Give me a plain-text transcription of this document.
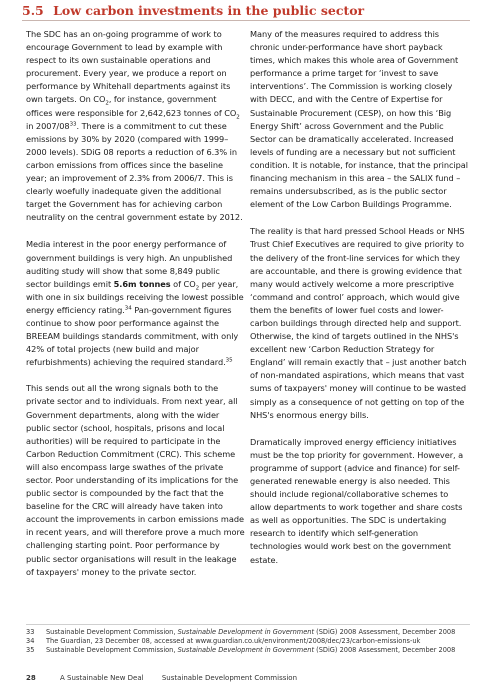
5.5 Low carbon investments in the public sector

The SDC has an on-going programme of work to encourage Government to lead by example with respect to its own sustainable operations and procurement. Every year, we produce a report on performance by Whitehall departments against its own targets. On $CO_2$, for instance, government offices were responsible for 2,642,623 tonnes of $CO_2$ in $2007/08^{33}$. There is a commitment to cut these emissions by 30% by 2020 (compared with 1999–2000 levels). SDiG 08 reports a reduction of 6.3% in carbon emissions from offices since the baseline year; an improvement of 2.3% from 2006/7. This is clearly woefully inadequate given the additional target the Government has for achieving carbon neutrality on the central government estate by 2012.

Media interest in the poor energy performance of government buildings is very high. An unpublished auditing study will show that some 8,849 public sector buildings emit 5.6m tonnes of $CO_2$ per year, with one in six buildings receiving the lowest possible energy efficiency rating.$^{34}$ Pan-government figures continue to show poor performance against the BREEAM buildings standards commitment, with only 42% of total projects (new build and major refurbishments) achieving the required standard.$^{35}$

This sends out all the wrong signals both to the private sector and to individuals. From next year, all Government departments, along with the wider public sector (school, hospitals, prisons and local authorities) will be required to participate in the Carbon Reduction Commitment (CRC). This scheme will also encompass large swathes of the private sector. Poor understanding of its implications for the public sector is compounded by the fact that the baseline for the CRC will already have taken into account the improvements in carbon emissions made in recent years, and will therefore prove a much more challenging starting point. Poor performance by public sector organisations will result in the leakage of taxpayers' money to the private sector.

Many of the measures required to address this chronic under-performance have short payback times, which makes this whole area of Government performance a prime target for ‘invest to save interventions’. The Commission is working closely with DECC, and with the Centre of Expertise for Sustainable Procurement (CESP), on how this ‘Big Energy Shift’ across Government and the Public Sector can be dramatically accelerated. Increased levels of funding are a necessary but not sufficient condition. It is notable, for instance, that the principal financing mechanism in this area – the SALIX fund – remains undersubscribed, as is the public sector element of the Low Carbon Buildings Programme.

The reality is that hard pressed School Heads or NHS Trust Chief Executives are required to give priority to the delivery of the front-line services for which they are accountable, and there is growing evidence that many would actively welcome a more prescriptive ‘command and control’ approach, which would give them the benefits of lower fuel costs and lower-carbon buildings through directed help and support. Otherwise, the kind of targets outlined in the NHS's excellent new ‘Carbon Reduction Strategy for England’ will remain exactly that – just another batch of non-mandated aspirations, which means that vast sums of taxpayers' money will continue to be wasted simply as a consequence of not getting on top of the NHS's enormous energy bills.

Dramatically improved energy efficiency initiatives must be the top priority for government. However, a programme of support (advice and finance) for self-generated renewable energy is also needed. This should include regional/collaborative schemes to allow departments to work together and share costs as well as opportunities. The SDC is undertaking research to identify which self-generation technologies would work best on the government estate.

33	Sustainable Development Commission, Sustainable Development in Government (SDiG) 2008 Assessment, December 2008
34	The Guardian, 23 December 08, accessed at www.guardian.co.uk/environment/2008/dec/23/carbon-emissions-uk
35	Sustainable Development Commission, Sustainable Development in Government (SDiG) 2008 Assessment, December 2008
28	A Sustainable New Deal	Sustainable Development Commission
